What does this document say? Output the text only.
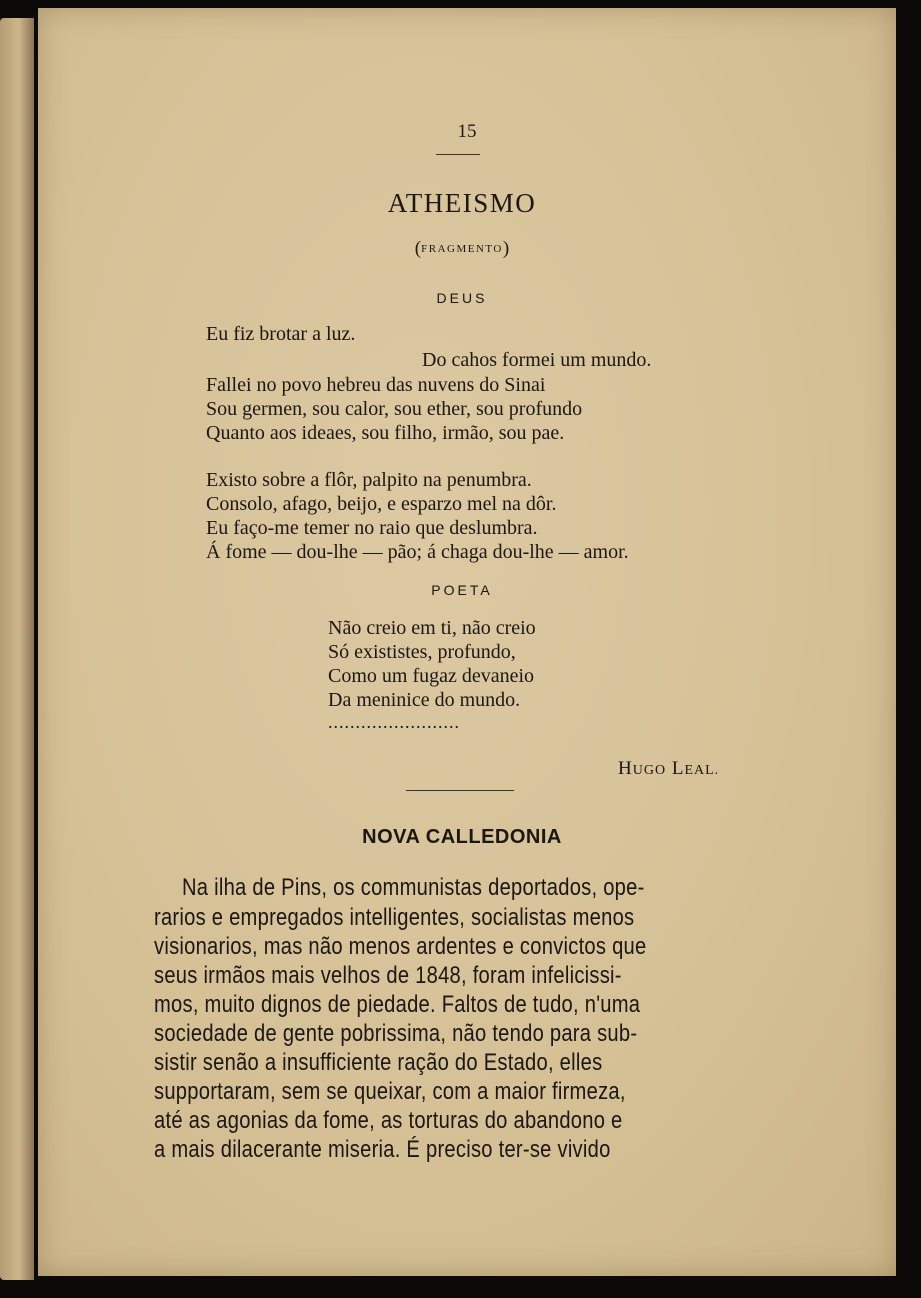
15

ATHEISMO

(FRAGMENTO)

DEUS

Eu fiz brotar a luz.

Do cahos formei um mundo.

Fallei no povo hebreu das nuvens do Sinai

Sou germen, sou calor, sou ether, sou profundo

Quanto aos ideaes, sou filho, irmão, sou pae.

Existo sobre a flôr, palpito na penumbra.

Consolo, afago, beijo, e esparzo mel na dôr.

Eu faço-me temer no raio que deslumbra.

Á fome — dou-lhe — pão; á chaga dou-lhe — amor.

POETA

Não creio em ti, não creio

Só exististes, profundo,

Como um fugaz devaneio

Da meninice do mundo.

........................

HUGO LEAL.

NOVA CALLEDONIA

Na ilha de Pins, os communistas deportados, ope-

rarios e empregados intelligentes, socialistas menos

visionarios, mas não menos ardentes e convictos que

seus irmãos mais velhos de 1848, foram infelicissi-

mos, muito dignos de piedade. Faltos de tudo, n'uma

sociedade de gente pobrissima, não tendo para sub-

sistir senão a insufficiente ração do Estado, elles

supportaram, sem se queixar, com a maior firmeza,

até as agonias da fome, as torturas do abandono e

a mais dilacerante miseria. É preciso ter-se vivido
